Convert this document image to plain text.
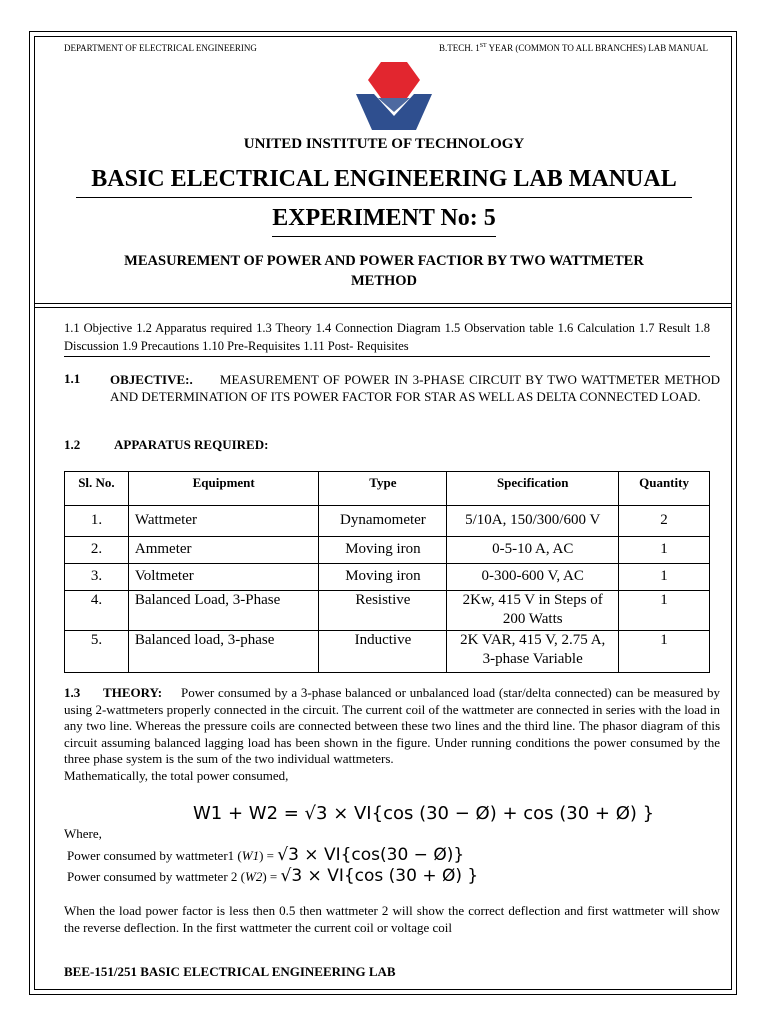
DEPARTMENT OF ELECTRICAL ENGINEERING	B.TECH. 1ST YEAR (COMMON TO ALL BRANCHES) LAB MANUAL
UNITED INSTITUTE OF TECHNOLOGY
BASIC ELECTRICAL ENGINEERING LAB MANUAL
EXPERIMENT No: 5
MEASUREMENT OF POWER AND POWER FACTIOR BY TWO WATTMETER
METHOD
1.1 Objective 1.2 Apparatus required 1.3 Theory 1.4 Connection Diagram 1.5 Observation table 1.6 Calculation 1.7 Result 1.8 Discussion 1.9 Precautions 1.10 Pre-Requisites 1.11 Post- Requisites
1.1 OBJECTIVE:. MEASUREMENT OF POWER IN 3-PHASE CIRCUIT BY TWO WATTMETER METHOD AND DETERMINATION OF ITS POWER FACTOR FOR STAR AS WELL AS DELTA CONNECTED LOAD.
1.2	APPARATUS REQUIRED:
Sl. No.	Equipment	Type	Specification	Quantity
1.	Wattmeter	Dynamometer	5/10A, 150/300/600 V	2
2.	Ammeter	Moving iron	0-5-10 A, AC	1
3.	Voltmeter	Moving iron	0-300-600 V, AC	1
4.	Balanced Load, 3-Phase	Resistive	2Kw, 415 V in Steps of 200 Watts	1
5.	Balanced load, 3-phase	Inductive	2K VAR, 415 V, 2.75 A, 3-phase Variable	1
1.3 THEORY: Power consumed by a 3-phase balanced or unbalanced load (star/delta connected) can be measured by using 2-wattmeters properly connected in the circuit. The current coil of the wattmeter are connected in series with the load in any two line. Whereas the pressure coils are connected between these two lines and the third line. The phasor diagram of this circuit assuming balanced lagging load has been shown in the figure. Under running conditions the power consumed by the three phase system is the sum of the two individual wattmeters.
Mathematically, the total power consumed,
W1 + W2 = √3 × VI{cos (30 − Ø) + cos (30 + Ø) }
Where,
Power consumed by wattmeter1 (W1) = √3 × VI{cos(30 − Ø)}
Power consumed by wattmeter 2 (W2) = √3 × VI{cos (30 + Ø) }
When the load power factor is less then 0.5 then wattmeter 2 will show the correct deflection and first wattmeter will show the reverse deflection. In the first wattmeter the current coil or voltage coil
BEE-151/251 BASIC ELECTRICAL ENGINEERING LAB
